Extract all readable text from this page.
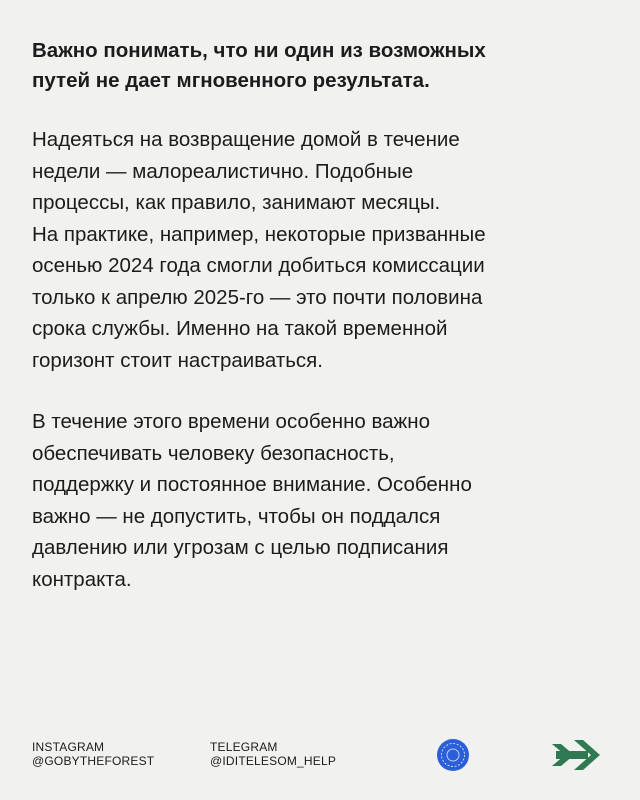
Важно понимать, что ни один из возможных
путей не дает мгновенного результата.

Надеяться на возвращение домой в течение
недели — малореалистично. Подобные
процессы, как правило, занимают месяцы.
На практике, например, некоторые призванные
осенью 2024 года смогли добиться комиссации
только к апрелю 2025-го — это почти половина
срока службы. Именно на такой временной
горизонт стоит настраиваться.

В течение этого времени особенно важно
обеспечивать человеку безопасность,
поддержку и постоянное внимание. Особенно
важно — не допустить, чтобы он поддался
давлению или угрозам с целью подписания
контракта.

INSTAGRAM
@GOBYTHEFOREST
TELEGRAM
@IDITELESOM_HELP
